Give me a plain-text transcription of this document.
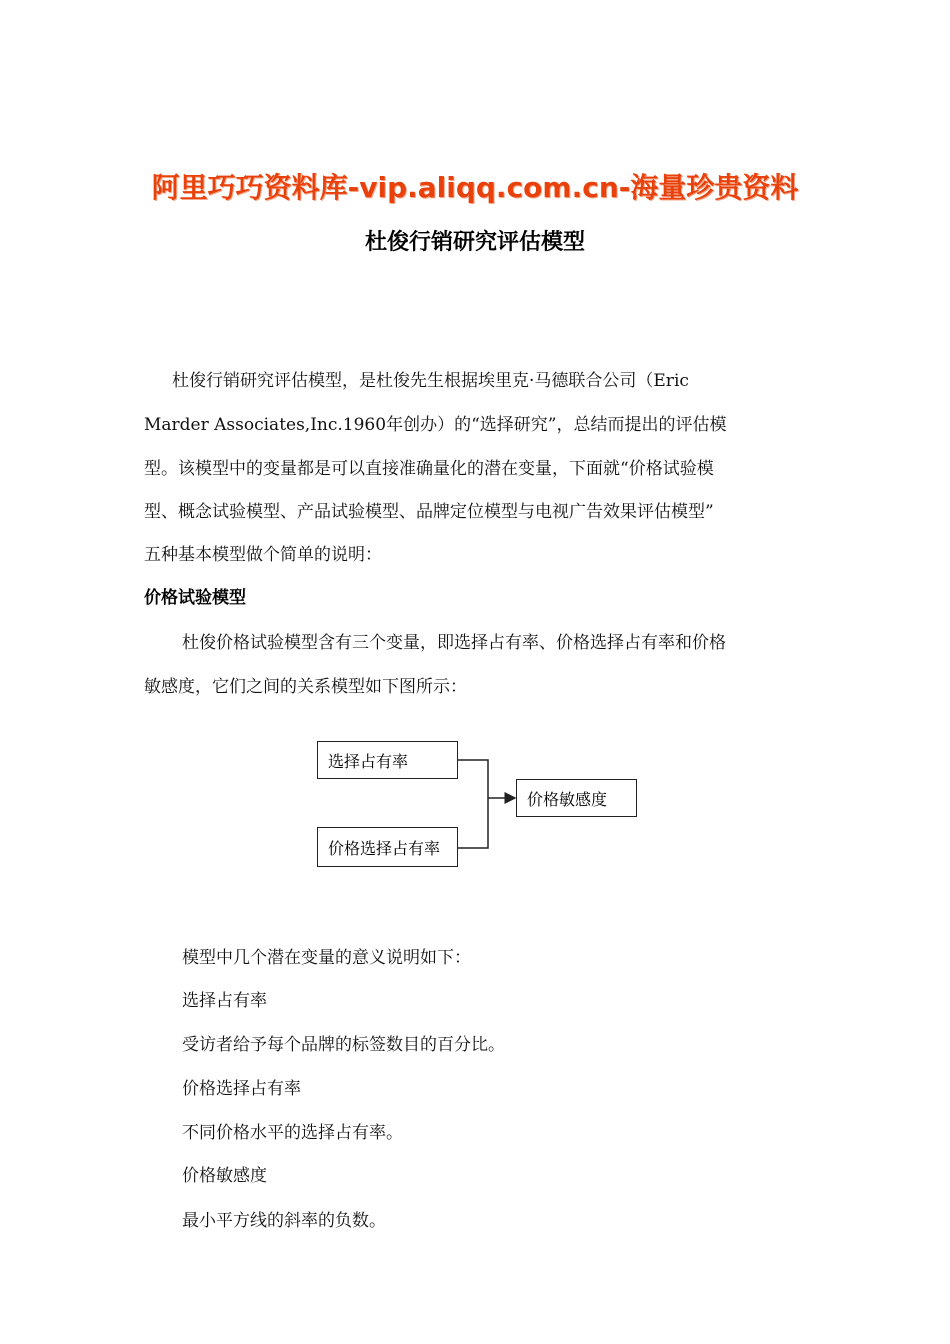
阿里巧巧资料库-vip.aliqq.com.cn-海量珍贵资料
杜俊行销研究评估模型
杜俊行销研究评估模型，是杜俊先生根据埃里克·马德联合公司（Eric
Marder Associates,Inc.1960年创办）的“选择研究”，总结而提出的评估模
型。该模型中的变量都是可以直接准确量化的潜在变量，下面就“价格试验模
型、概念试验模型、产品试验模型、品牌定位模型与电视广告效果评估模型”
五种基本模型做个简单的说明：
价格试验模型
杜俊价格试验模型含有三个变量，即选择占有率、价格选择占有率和价格
敏感度，它们之间的关系模型如下图所示：
选择占有率
价格选择占有率
价格敏感度
模型中几个潜在变量的意义说明如下：
选择占有率
受访者给予每个品牌的标签数目的百分比。
价格选择占有率
不同价格水平的选择占有率。
价格敏感度
最小平方线的斜率的负数。
